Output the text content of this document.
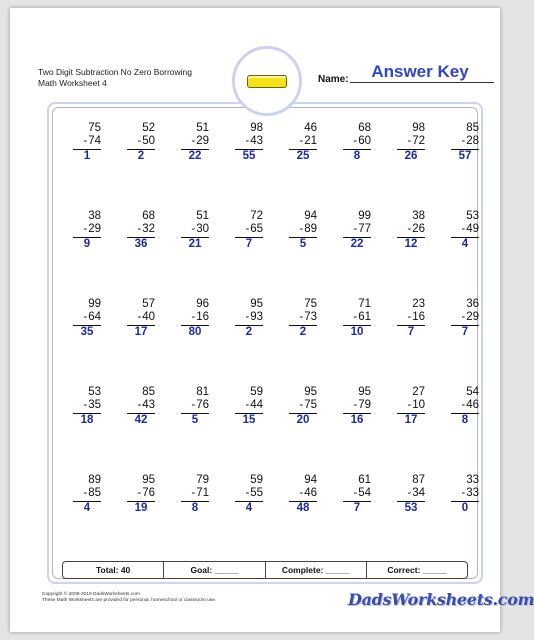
Two Digit Subtraction No Zero Borrowing
Math Worksheet 4	Name:	Answer Key
75
- 74
1
52
- 50
2
51
- 29
22
98
- 43
55
46
- 21
25
68
- 60
8
98
- 72
26
85
- 28
57
38
- 29
9
68
- 32
36
51
- 30
21
72
- 65
7
94
- 89
5
99
- 77
22
38
- 26
12
53
- 49
4
99
- 64
35
57
- 40
17
96
- 16
80
95
- 93
2
75
- 73
2
71
- 61
10
23
- 16
7
36
- 29
7
53
- 35
18
85
- 43
42
81
- 76
5
59
- 44
15
95
- 75
20
95
- 79
16
27
- 10
17
54
- 46
8
89
- 85
4
95
- 76
19
79
- 71
8
59
- 55
4
94
- 46
48
61
- 54
7
87
- 34
53
33
- 33
0
Total: 40	Goal: _____	Complete: _____	Correct: _____
Copyright © 2008-2019 DadsWorksheets.com
These Math Worksheets are provided for personal, homeschool or classroom use.	DadsWorksheets.com
